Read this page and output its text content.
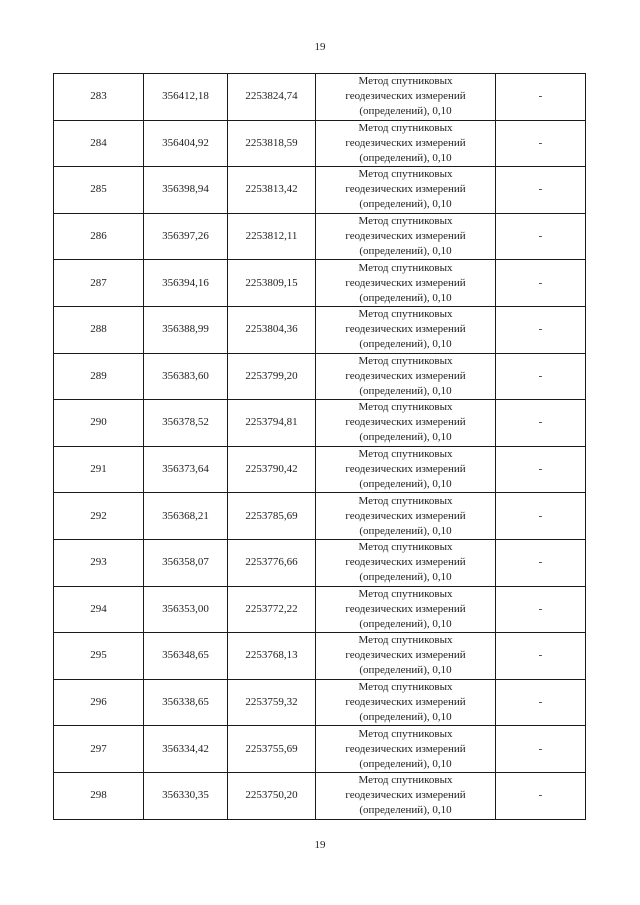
19
283	356412,18	2253824,74	Метод спутниковых
геодезических измерений
(определений), 0,10	-
284	356404,92	2253818,59	Метод спутниковых
геодезических измерений
(определений), 0,10	-
285	356398,94	2253813,42	Метод спутниковых
геодезических измерений
(определений), 0,10	-
286	356397,26	2253812,11	Метод спутниковых
геодезических измерений
(определений), 0,10	-
287	356394,16	2253809,15	Метод спутниковых
геодезических измерений
(определений), 0,10	-
288	356388,99	2253804,36	Метод спутниковых
геодезических измерений
(определений), 0,10	-
289	356383,60	2253799,20	Метод спутниковых
геодезических измерений
(определений), 0,10	-
290	356378,52	2253794,81	Метод спутниковых
геодезических измерений
(определений), 0,10	-
291	356373,64	2253790,42	Метод спутниковых
геодезических измерений
(определений), 0,10	-
292	356368,21	2253785,69	Метод спутниковых
геодезических измерений
(определений), 0,10	-
293	356358,07	2253776,66	Метод спутниковых
геодезических измерений
(определений), 0,10	-
294	356353,00	2253772,22	Метод спутниковых
геодезических измерений
(определений), 0,10	-
295	356348,65	2253768,13	Метод спутниковых
геодезических измерений
(определений), 0,10	-
296	356338,65	2253759,32	Метод спутниковых
геодезических измерений
(определений), 0,10	-
297	356334,42	2253755,69	Метод спутниковых
геодезических измерений
(определений), 0,10	-
298	356330,35	2253750,20	Метод спутниковых
геодезических измерений
(определений), 0,10	-
19
